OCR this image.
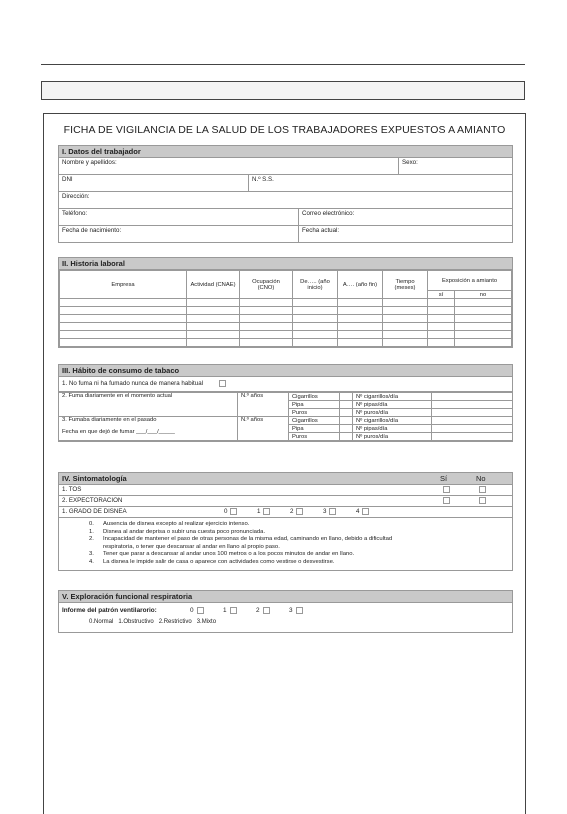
FICHA DE VIGILANCIA DE LA SALUD DE LOS TRABAJADORES EXPUESTOS A AMIANTO
I. Datos del trabajador
Nombre y apellidos:	Sexo:
DNI	N.º S.S.
Dirección:
Teléfono:	Correo electrónico:
Fecha de nacimiento:	Fecha actual:
II. Historia laboral
Empresa	Actividad (CNAE)	Ocupación (CNO)	De….. (año inicio)	A…. (año fin)	Tiempo (meses)	Exposición a amianto	
						sí	no

III. Hábito de consumo de tabaco
1. No fuma ni ha fumado nunca de manera habitual
2. Fuma diariamente en el momento actual	N.º años	Cigarrillos		Nº cigarrillos/día	
		Pipa		Nº pipas/día	
		Puros		Nº puros/día	

3. Fumaba diariamente en el pasado
Fecha en que dejó de fumar ___/___/_____	N.º años	Cigarrillos		Nº cigarrillos/día	
		Pipa		Nº pipas/día	
		Puros		Nº puros/día	
IV. Sintomatología	Sí	No
1. TOS
2. EXPECTORACION
1. GRADO DE DISNEA	0	1	2	3	4
0. Ausencia de disnea excepto al realizar ejercicio intenso.
1. Disnea al andar deprisa o subir una cuesta poco pronunciada.
2. Incapacidad de mantener el paso de otras personas de la misma edad, caminando en llano, debido a dificultad
respiratoria, o tener que descansar al andar en llano al propio paso.
3. Tener que parar a descansar al andar unos 100 metros o a los pocos minutos de andar en llano.
4. La disnea le impide salir de casa o aparece con actividades como vestirse o desvestirse.
V. Exploración funcional respiratoria
Informe del patrón ventilarorio:	0	1	2	3
0.Normal   1.Obstructivo   2.Restrictivo   3.Mixto
